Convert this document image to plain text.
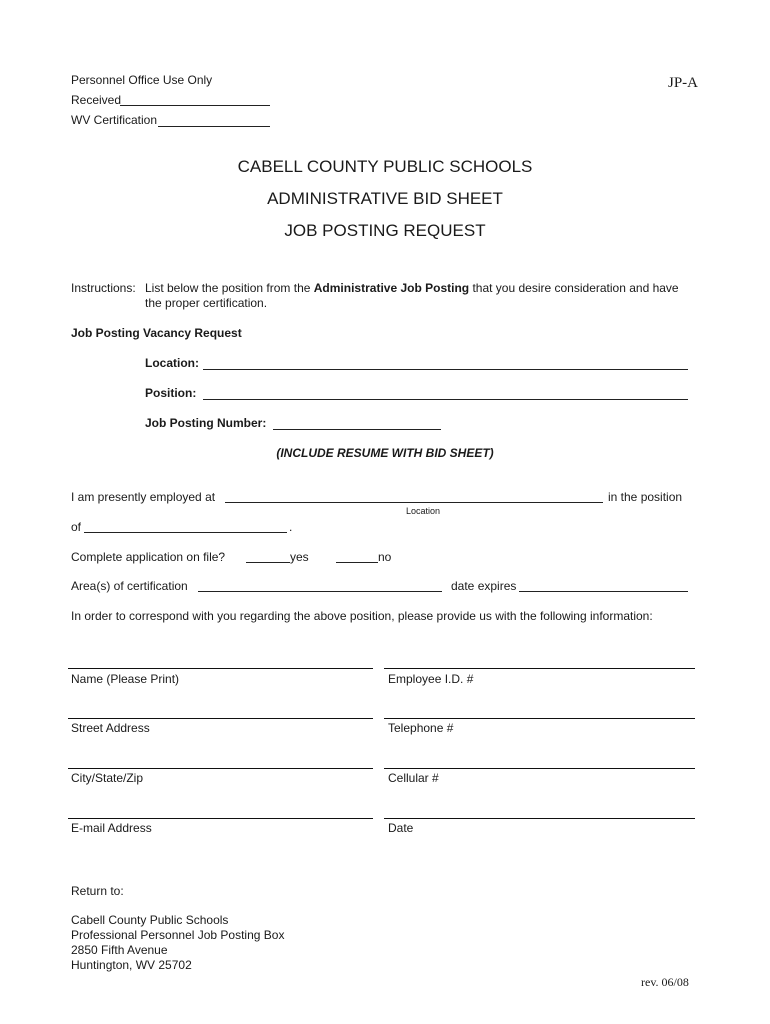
Personnel Office Use Only	JP-A
Received
WV Certification
CABELL COUNTY PUBLIC SCHOOLS
ADMINISTRATIVE BID SHEET
JOB POSTING REQUEST
Instructions: List below the position from the Administrative Job Posting that you desire consideration and have the proper certification.
Job Posting Vacancy Request
Location:
Position:
Job Posting Number:
(INCLUDE RESUME WITH BID SHEET)
I am presently employed at	in the position
Location
of	.
Complete application on file?	yes	no
Area(s) of certification	date expires
In order to correspond with you regarding the above position, please provide us with the following information:
Name (Please Print)	Employee I.D. #
Street Address	Telephone #
City/State/Zip	Cellular #
E-mail Address	Date
Return to:
Cabell County Public Schools
Professional Personnel Job Posting Box
2850 Fifth Avenue
Huntington, WV 25702
rev. 06/08
